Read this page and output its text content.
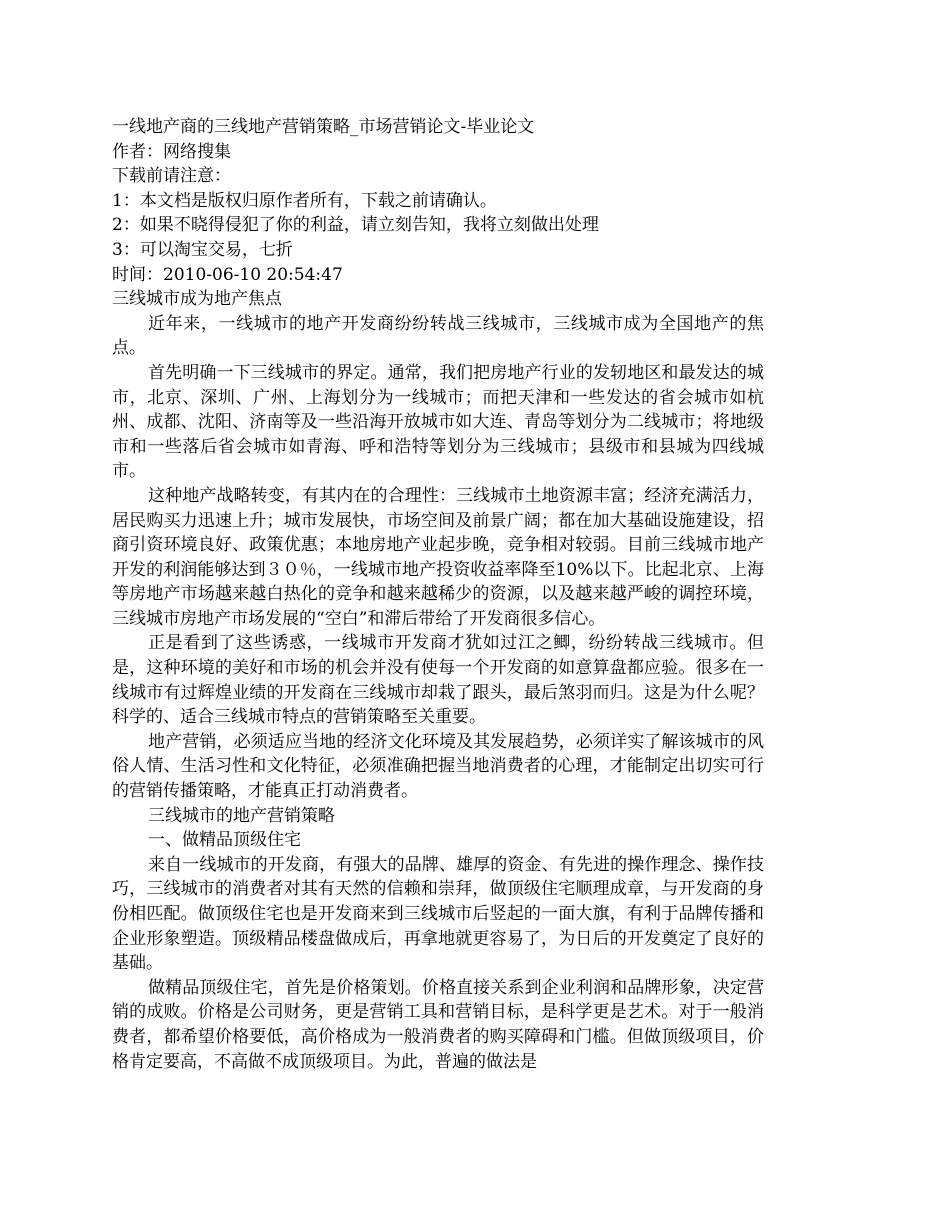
一线地产商的三线地产营销策略_市场营销论文-毕业论文
作者：网络搜集
下载前请注意：
1：本文档是版权归原作者所有，下载之前请确认。
2：如果不晓得侵犯了你的利益，请立刻告知，我将立刻做出处理
3：可以淘宝交易，七折
时间：2010-06-10 20:54:47
三线城市成为地产焦点
近年来，一线城市的地产开发商纷纷转战三线城市，三线城市成为全国地产的焦点。
首先明确一下三线城市的界定。通常，我们把房地产行业的发轫地区和最发达的城市，北京、深圳、广州、上海划分为一线城市；而把天津和一些发达的省会城市如杭州、成都、沈阳、济南等及一些沿海开放城市如大连、青岛等划分为二线城市；将地级市和一些落后省会城市如青海、呼和浩特等划分为三线城市；县级市和县城为四线城市。
这种地产战略转变，有其内在的合理性：三线城市土地资源丰富；经济充满活力，居民购买力迅速上升；城市发展快，市场空间及前景广阔；都在加大基础设施建设，招商引资环境良好、政策优惠；本地房地产业起步晚，竞争相对较弱。目前三线城市地产开发的利润能够达到３０％，一线城市地产投资收益率降至10%以下。比起北京、上海等房地产市场越来越白热化的竞争和越来越稀少的资源，以及越来越严峻的调控环境，三线城市房地产市场发展的“空白”和滞后带给了开发商很多信心。
正是看到了这些诱惑，一线城市开发商才犹如过江之鲫，纷纷转战三线城市。但是，这种环境的美好和市场的机会并没有使每一个开发商的如意算盘都应验。很多在一线城市有过辉煌业绩的开发商在三线城市却栽了跟头，最后煞羽而归。这是为什么呢？ 科学的、适合三线城市特点的营销策略至关重要。
地产营销，必须适应当地的经济文化环境及其发展趋势，必须详实了解该城市的风俗人情、生活习性和文化特征，必须准确把握当地消费者的心理，才能制定出切实可行的营销传播策略，才能真正打动消费者。
三线城市的地产营销策略
一、做精品顶级住宅
来自一线城市的开发商，有强大的品牌、雄厚的资金、有先进的操作理念、操作技巧，三线城市的消费者对其有天然的信赖和崇拜，做顶级住宅顺理成章，与开发商的身份相匹配。做顶级住宅也是开发商来到三线城市后竖起的一面大旗，有利于品牌传播和企业形象塑造。顶级精品楼盘做成后，再拿地就更容易了，为日后的开发奠定了良好的基础。
做精品顶级住宅，首先是价格策划。价格直接关系到企业利润和品牌形象，决定营销的成败。价格是公司财务，更是营销工具和营销目标，是科学更是艺术。对于一般消费者，都希望价格要低，高价格成为一般消费者的购买障碍和门槛。但做顶级项目，价格肯定要高，不高做不成顶级项目。为此，普遍的做法是
